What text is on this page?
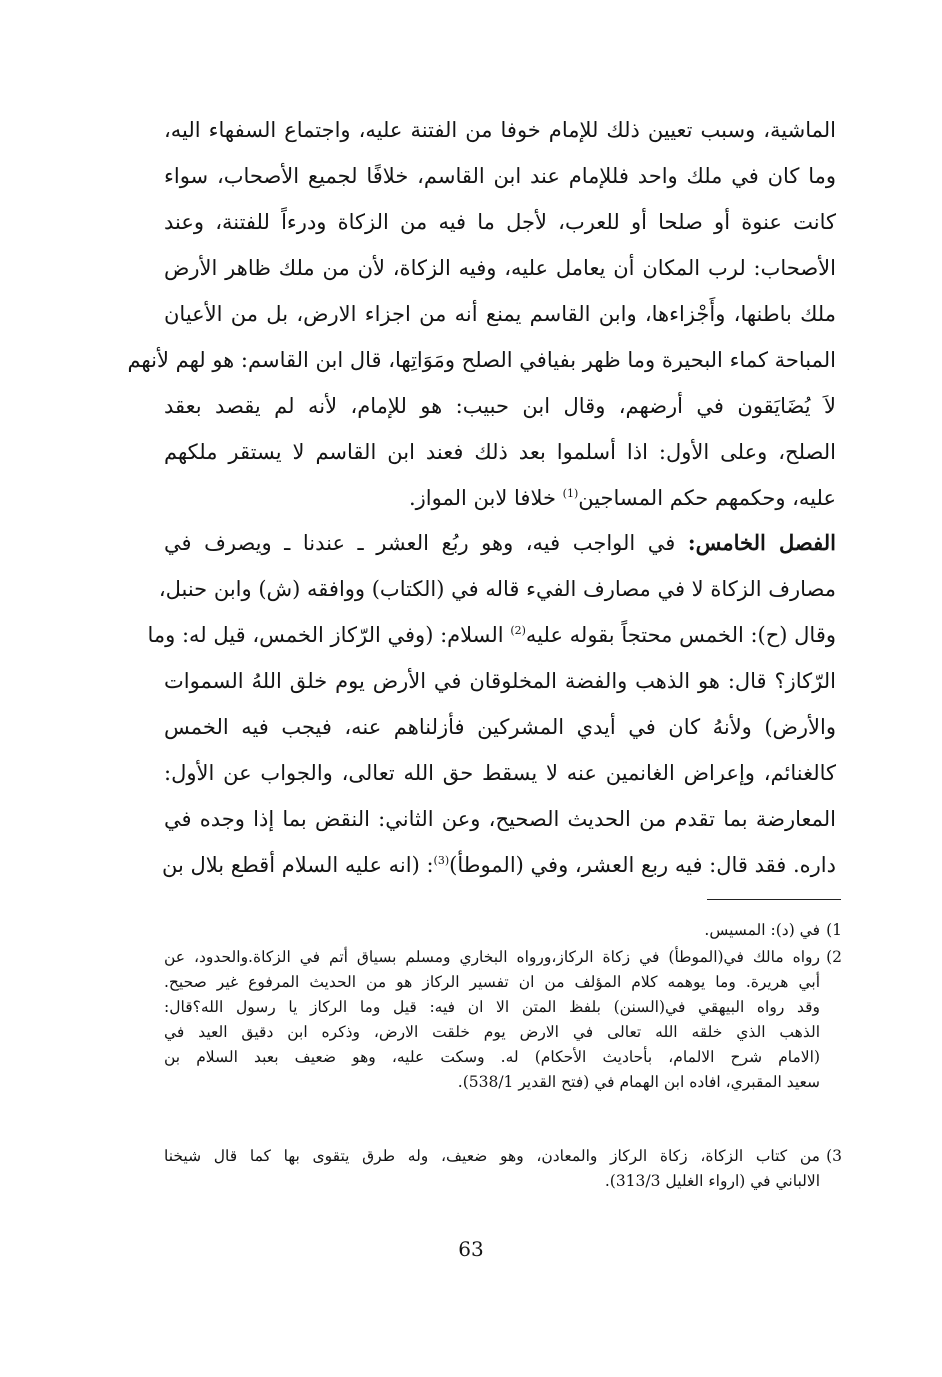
الماشية، وسبب تعيين ذلك للإمام خوفا من الفتنة عليه، واجتماع السفهاء اليه،
وما كان في ملك واحد فللإمام عند ابن القاسم، خلافًا لجميع الأصحاب، سواء
كانت عنوة أو صلحا أو للعرب، لأجل ما فيه من الزكاة ودرءاً للفتنة، وعند
الأصحاب: لرب المكان أن يعامل عليه، وفيه الزكاة، لأن من ملك ظاهر الأرض
ملك باطنها، وأَجْزاءها، وابن القاسم يمنع أنه من اجزاء الارض، بل من الأعيان
المباحة كماء البحيرة وما ظهر بفيافي الصلح ومَوَاتِها، قال ابن القاسم: هو لهم لأنهم
لاَ يُضَايَقون في أرضهم، وقال ابن حبيب: هو للإمام، لأنه لم يقصد بعقد
الصلح، وعلى الأول: اذا أسلموا بعد ذلك فعند ابن القاسم لا يستقر ملكهم
عليه، وحكمهم حكم المساجين$^{(1)}$ خلافا لابن المواز.
الفصل الخامس: في الواجب فيه، وهو ربُع العشر ـ عندنا ـ ويصرف في
مصارف الزكاة لا في مصارف الفيء قاله في (الكتاب) ووافقه (ش) وابن حنبل،
وقال (ح): الخمس محتجاً بقوله عليه$^{(2)}$ السلام: (وفي الرّكاز الخمس، قيل له: وما
الرّكاز؟ قال: هو الذهب والفضة المخلوقان في الأرض يوم خلق اللهُ السموات
والأرض) ولأنهُ كان في أيدي المشركين فأزلناهم عنه، فيجب فيه الخمس
كالغنائم، وإعراض الغانمين عنه لا يسقط حق الله تعالى، والجواب عن الأول:
المعارضة بما تقدم من الحديث الصحيح، وعن الثاني: النقض بما إذا وجده في
داره. فقد قال: فيه ربع العشر، وفي (الموطأ)$^{(3)}$: (انه عليه السلام أقطع بلال بن
1)
في (د): المسيس.
2)
رواه مالك في(الموطأ) في زكاة الركاز،ورواه البخاري ومسلم بسياق أتم في الزكاة.والحدود، عن
أبي هريرة. وما يوهمه كلام المؤلف من ان تفسير الركاز هو من الحديث المرفوع غير صحيح.
وقد رواه البيهقي في(السنن) بلفظ المتن الا ان فيه: قيل وما الركاز يا رسول الله؟قال:
الذهب الذي خلقه الله تعالى في الارض يوم خلقت الارض، وذكره ابن دقيق العيد في
(الامام شرح الالمام، بأحاديث الأحكام) له. وسكت عليه، وهو ضعيف بعبد السلام بن
سعيد المقبري، افاده ابن الهمام في (فتح القدير 538/1).
3)
من كتاب الزكاة، زكاة الركاز والمعادن، وهو ضعيف، وله طرق يتقوى بها كما قال شيخنا
الالباني في (ارواء الغليل 313/3).
63
